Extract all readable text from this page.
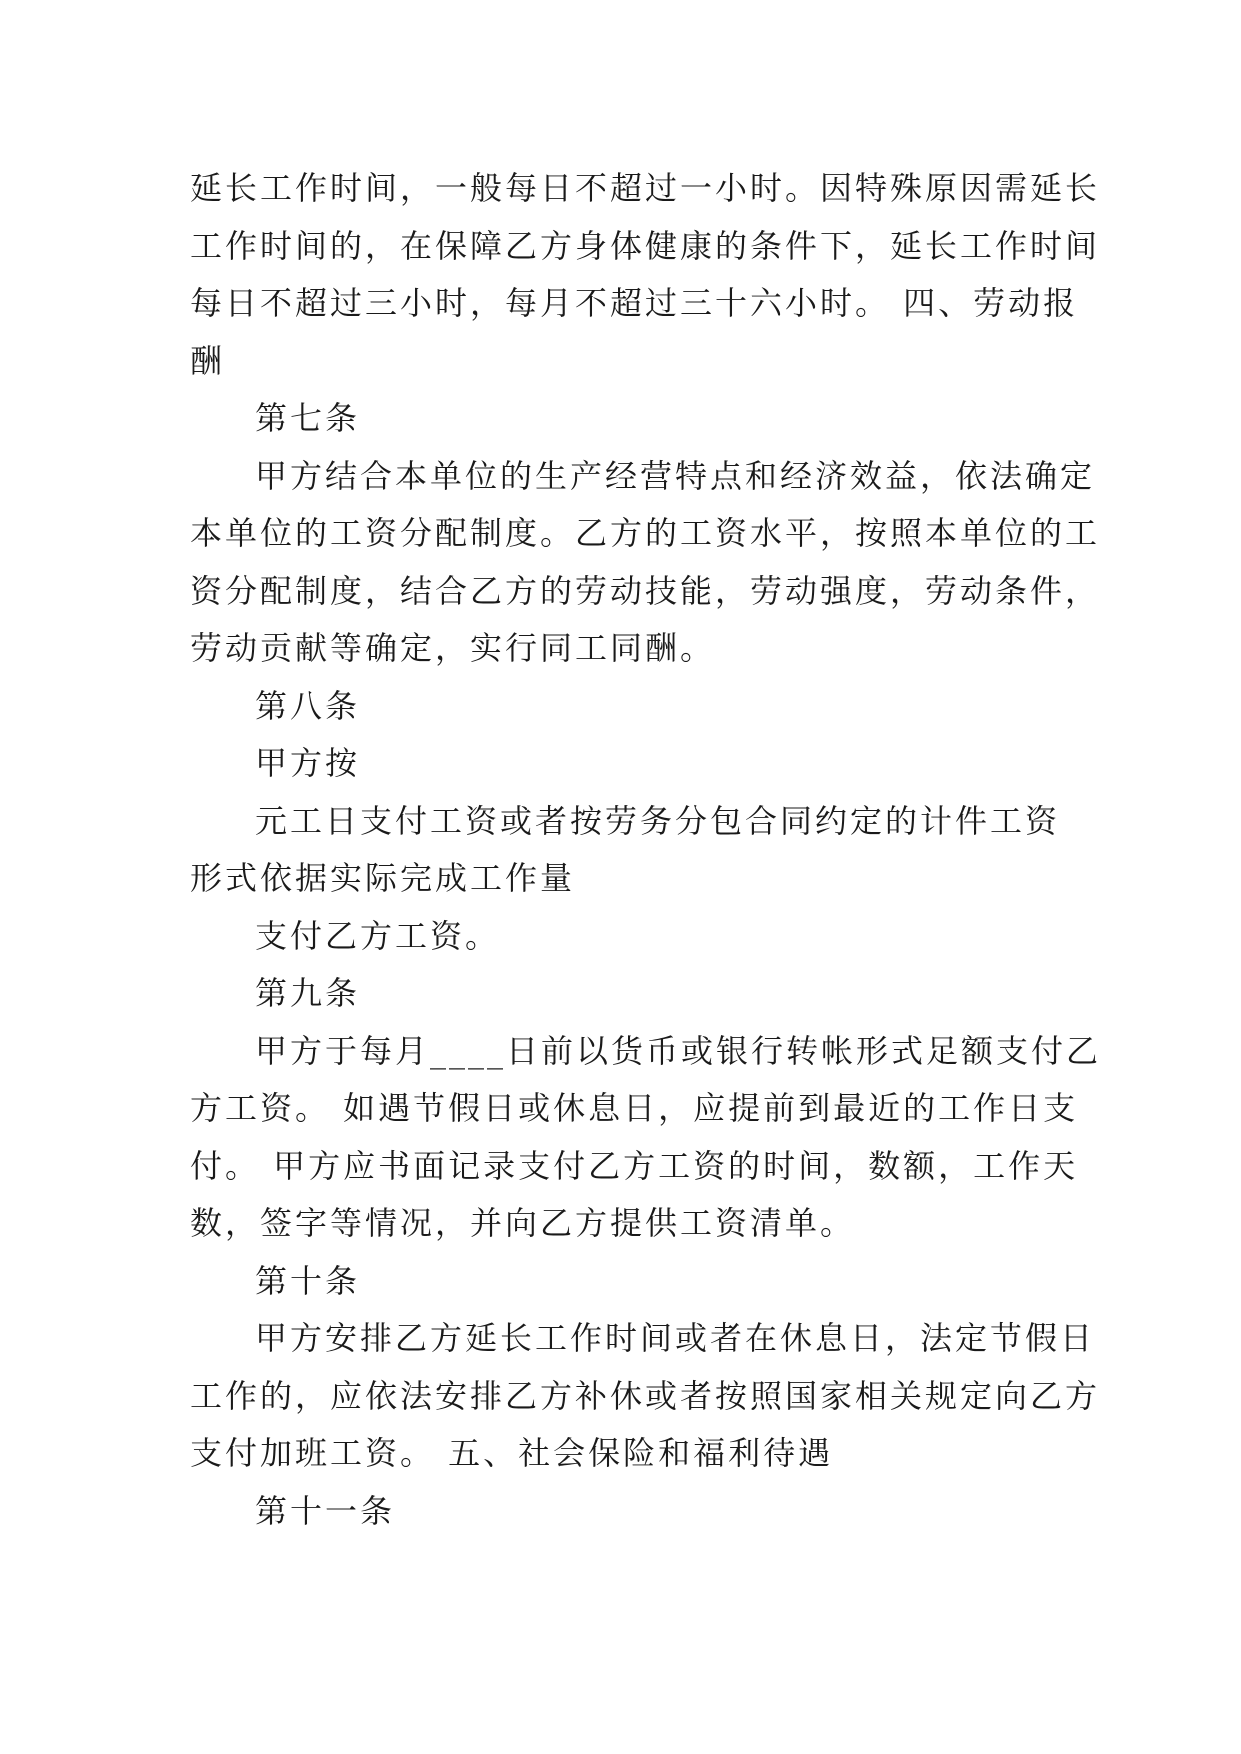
延长工作时间，一般每日不超过一小时。因特殊原因需延长
工作时间的，在保障乙方身体健康的条件下，延长工作时间
每日不超过三小时，每月不超过三十六小时。 四、劳动报
酬
第七条
甲方结合本单位的生产经营特点和经济效益，依法确定
本单位的工资分配制度。乙方的工资水平，按照本单位的工
资分配制度，结合乙方的劳动技能，劳动强度，劳动条件，
劳动贡献等确定，实行同工同酬。
第八条
甲方按
元工日支付工资或者按劳务分包合同约定的计件工资
形式依据实际完成工作量
支付乙方工资。
第九条
甲方于每月____日前以货币或银行转帐形式足额支付乙
方工资。 如遇节假日或休息日，应提前到最近的工作日支
付。 甲方应书面记录支付乙方工资的时间，数额，工作天
数，签字等情况，并向乙方提供工资清单。
第十条
甲方安排乙方延长工作时间或者在休息日，法定节假日
工作的，应依法安排乙方补休或者按照国家相关规定向乙方
支付加班工资。 五、社会保险和福利待遇
第十一条
